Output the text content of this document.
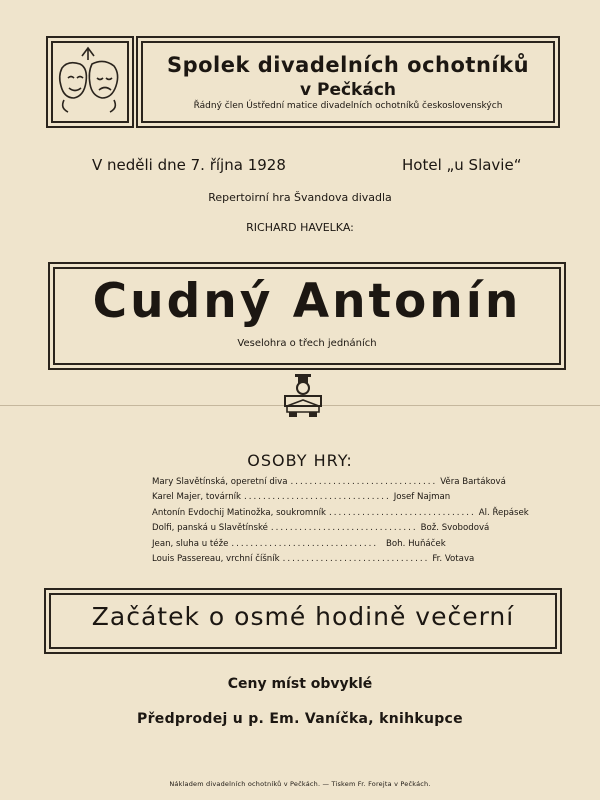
Spolek divadelních ochotníků
v Pečkách
Řádný člen Ústřední matice divadelních ochotníků československých
V neděli dne 7. října 1928	Hotel „u Slavie“
Repertoirní hra Švandova divadla
RICHARD HAVELKA:
Cudný Antonín
Veselohra o třech jednáních
OSOBY HRY:
Mary Slavětínská, operetní diva ............................... Věra Bartáková
Karel Majer, továrník ............................... Josef Najman
Antonín Evdochij Matinožka, soukromník ............................... Al. Řepásek
Dolfi, panská u Slavětínské ............................... Bož. Svobodová
Jean, sluha u téže ............................... Boh. Huňáček
Louis Passereau, vrchní číšník ............................... Fr. Votava
Začátek o osmé hodině večerní
Ceny míst obvyklé
Předprodej u p. Em. Vaníčka, knihkupce
Nákladem divadelních ochotníků v Pečkách. — Tiskem Fr. Forejta v Pečkách.
